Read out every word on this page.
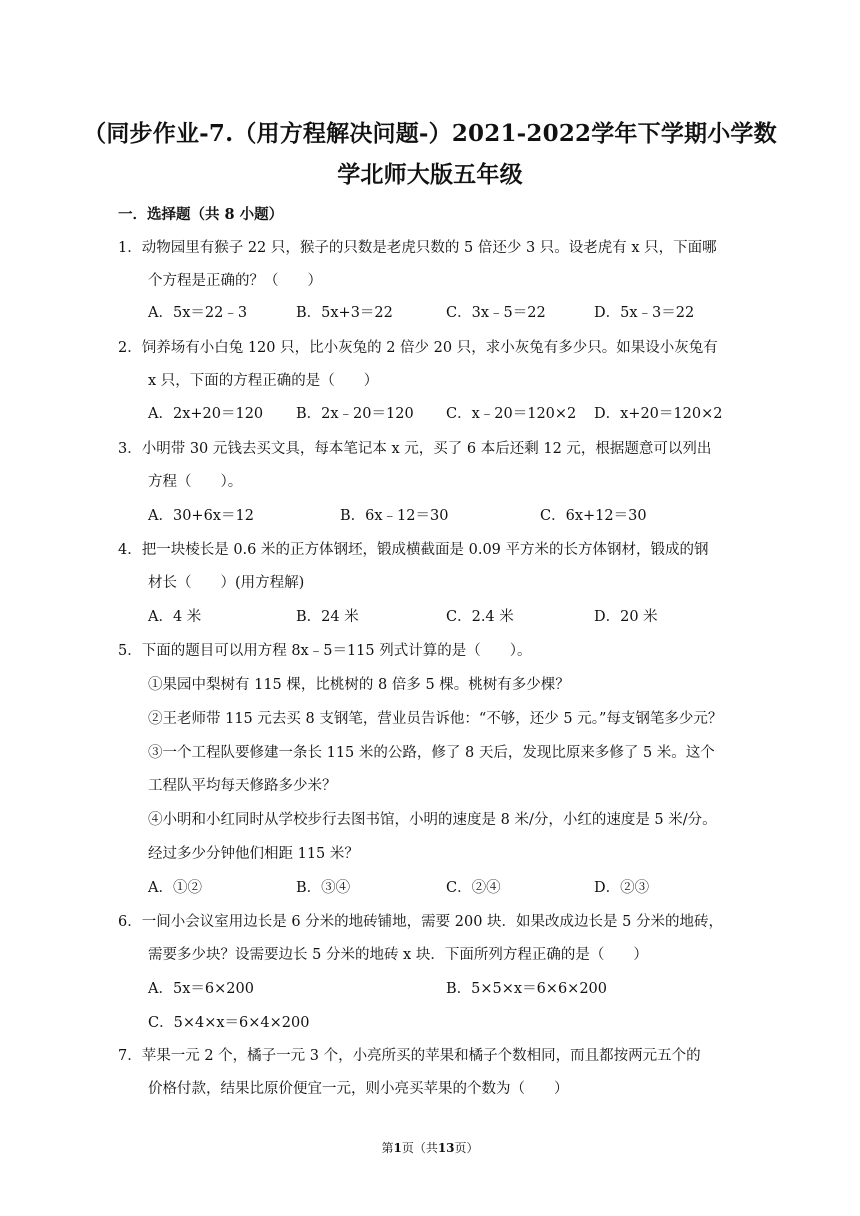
（同步作业-7.（用方程解决问题-）2021-2022学年下学期小学数
学北师大版五年级
一．选择题（共 8 小题）
1．动物园里有猴子 22 只，猴子的只数是老虎只数的 5 倍还少 3 只。设老虎有 x 只，下面哪
个方程是正确的？（　　）
A．5x＝22﹣3	B．5x+3＝22	C．3x﹣5＝22	D．5x﹣3＝22
2．饲养场有小白兔 120 只，比小灰兔的 2 倍少 20 只，求小灰兔有多少只。如果设小灰兔有
x 只，下面的方程正确的是（　　）
A．2x+20＝120 B．2x﹣20＝120 C．x﹣20＝120×2 D．x+20＝120×2
3．小明带 30 元钱去买文具，每本笔记本 x 元，买了 6 本后还剩 12 元，根据题意可以列出
方程（　　）。
A．30+6x＝12	B．6x﹣12＝30	C．6x+12＝30
4．把一块棱长是 0.6 米的正方体钢坯，锻成横截面是 0.09 平方米的长方体钢材，锻成的钢
材长（　　）(用方程解)
A．4 米	B．24 米	C．2.4 米	D．20 米
5．下面的题目可以用方程 8x﹣5＝115 列式计算的是（　　）。
①果园中梨树有 115 棵，比桃树的 8 倍多 5 棵。桃树有多少棵？
②王老师带 115 元去买 8 支钢笔，营业员告诉他：“不够，还少 5 元。”每支钢笔多少元？
③一个工程队要修建一条长 115 米的公路，修了 8 天后，发现比原来多修了 5 米。这个
工程队平均每天修路多少米？
④小明和小红同时从学校步行去图书馆，小明的速度是 8 米/分，小红的速度是 5 米/分。
经过多少分钟他们相距 115 米？
A．①②	B．③④	C．②④	D．②③
6．一间小会议室用边长是 6 分米的地砖铺地，需要 200 块．如果改成边长是 5 分米的地砖，
需要多少块？设需要边长 5 分米的地砖 x 块．下面所列方程正确的是（　　）
A．5x＝6×200	B．5×5×x＝6×6×200
C．5×4×x＝6×4×200
7．苹果一元 2 个，橘子一元 3 个，小亮所买的苹果和橘子个数相同，而且都按两元五个的
价格付款，结果比原价便宜一元，则小亮买苹果的个数为（　　）
第1页（共13页）
